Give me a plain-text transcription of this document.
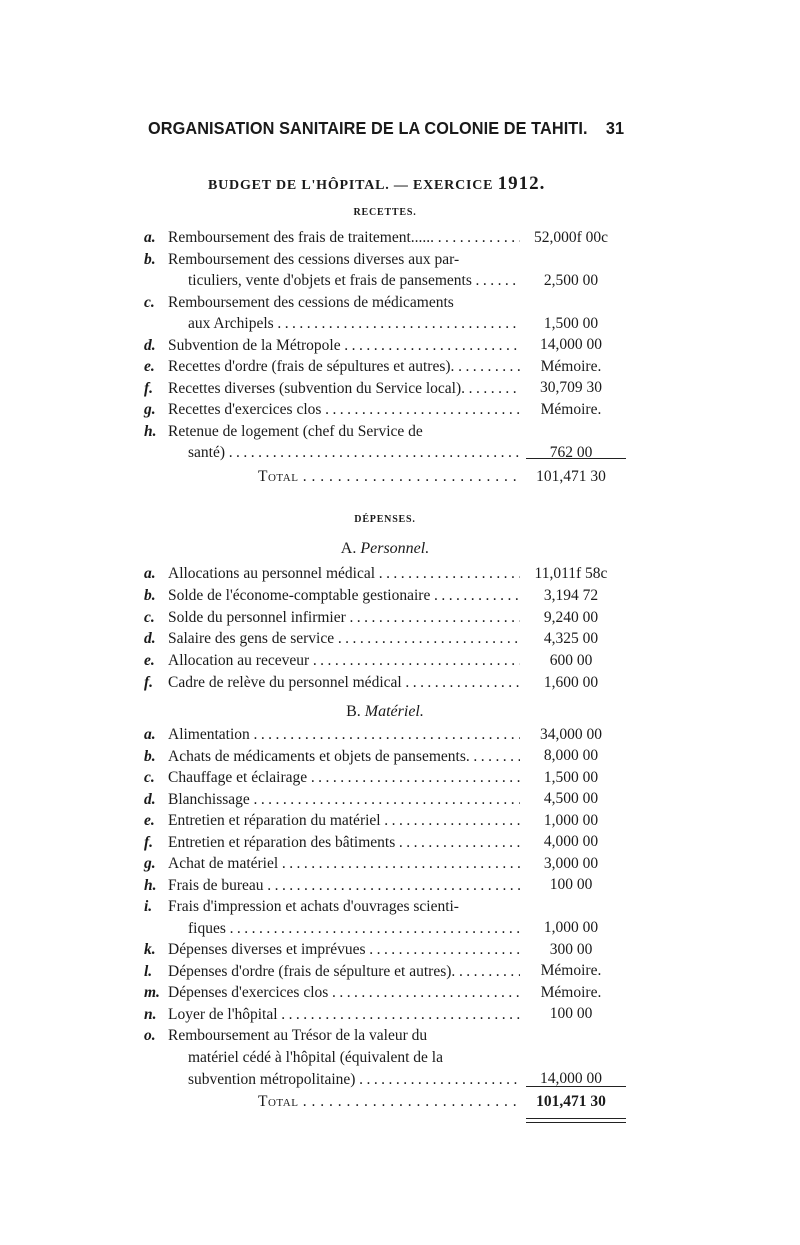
ORGANISATION SANITAIRE DE LA COLONIE DE TAHITI. 31
BUDGET DE L'HÔPITAL. — EXERCICE 1912.
RECETTES.
a. Remboursement des frais de traitement...... . . .	52,000f 00c
b. Remboursement des cessions diverses aux par-
ticuliers, vente d'objets et frais de pansements . . .	2,500 00
c. Remboursement des cessions de médicaments
aux Archipels . . .	1,500 00
d. Subvention de la Métropole . . .	14,000 00
e. Recettes d'ordre (frais de sépultures et autres). . . .	Mémoire.
f. Recettes diverses (subvention du Service local). . . .	30,709 30
g. Recettes d'exercices clos . . .	Mémoire.
h. Retenue de logement (chef du Service de
santé) . . .	762 00
Total . . .	101,471 30
DÉPENSES.
A. Personnel.
a. Allocations au personnel médical . . .	11,011f 58c
b. Solde de l'économe-comptable gestionaire . . .	3,194 72
c. Solde du personnel infirmier . . .	9,240 00
d. Salaire des gens de service . . .	4,325 00
e. Allocation au receveur . . .	600 00
f. Cadre de relève du personnel médical . . .	1,600 00
B. Matériel.
a. Alimentation . . .	34,000 00
b. Achats de médicaments et objets de pansements. . . .	8,000 00
c. Chauffage et éclairage . . .	1,500 00
d. Blanchissage . . .	4,500 00
e. Entretien et réparation du matériel . . .	1,000 00
f. Entretien et réparation des bâtiments . . .	4,000 00
g. Achat de matériel . . .	3,000 00
h. Frais de bureau . . .	100 00
i.	Frais d'impression et achats d'ouvrages scienti-
fiques . . .	1,000 00
k. Dépenses diverses et imprévues . . .	300 00
l.	Dépenses d'ordre (frais de sépulture et autres). . . .	Mémoire.
m. Dépenses d'exercices clos . . .	Mémoire.
n. Loyer de l'hôpital . . .	100 00
o. Remboursement au Trésor de la valeur du
matériel cédé à l'hôpital (équivalent de la
subvention métropolitaine) . . .	14,000 00
Total . . .	101,471 30
